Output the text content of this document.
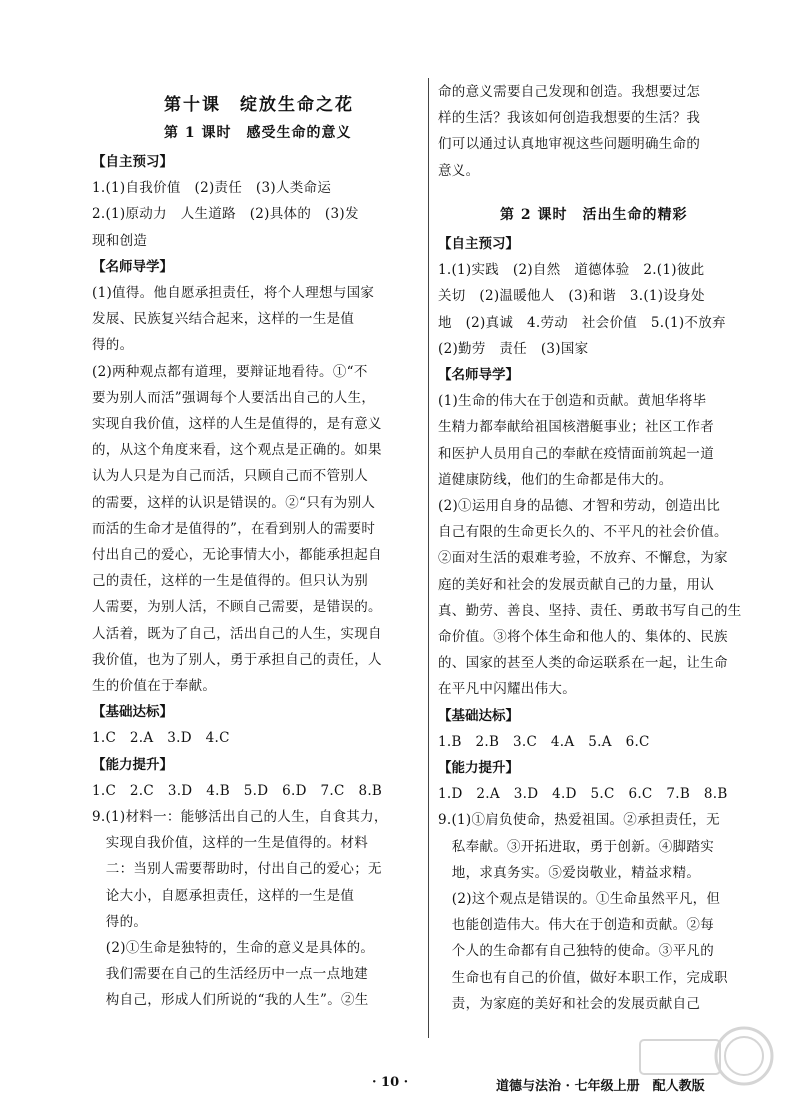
第十课　绽放生命之花
第 1 课时　感受生命的意义
【自主预习】
1.(1)自我价值　(2)责任　(3)人类命运
2.(1)原动力　人生道路　(2)具体的　(3)发
现和创造
【名师导学】
(1)值得。他自愿承担责任，将个人理想与国家
发展、民族复兴结合起来，这样的一生是值
得的。
(2)两种观点都有道理，要辩证地看待。①“不
要为别人而活”强调每个人要活出自己的人生，
实现自我价值，这样的人生是值得的，是有意义
的，从这个角度来看，这个观点是正确的。如果
认为人只是为自己而活，只顾自己而不管别人
的需要，这样的认识是错误的。②“只有为别人
而活的生命才是值得的”，在看到别人的需要时
付出自己的爱心，无论事情大小，都能承担起自
己的责任，这样的一生是值得的。但只认为别
人需要，为别人活，不顾自己需要，是错误的。
人活着，既为了自己，活出自己的人生，实现自
我价值，也为了别人，勇于承担自己的责任，人
生的价值在于奉献。
【基础达标】
1.C　2.A　3.D　4.C
【能力提升】
1.C　2.C　3.D　4.B　5.D　6.D　7.C　8.B
9.(1)材料一：能够活出自己的人生，自食其力，
　实现自我价值，这样的一生是值得的。材料
　二：当别人需要帮助时，付出自己的爱心；无
　论大小，自愿承担责任，这样的一生是值
　得的。
　(2)①生命是独特的，生命的意义是具体的。
　我们需要在自己的生活经历中一点一点地建
　构自己，形成人们所说的“我的人生”。②生
第 2 课时　活出生命的精彩
命的意义需要自己发现和创造。我想要过怎
样的生活？我该如何创造我想要的生活？我
们可以通过认真地审视这些问题明确生命的
意义。
【自主预习】
1.(1)实践　(2)自然　道德体验　2.(1)彼此
关切　(2)温暖他人　(3)和谐　3.(1)设身处
地　(2)真诚　4.劳动　社会价值　5.(1)不放弃
(2)勤劳　责任　(3)国家
【名师导学】
(1)生命的伟大在于创造和贡献。黄旭华将毕
生精力都奉献给祖国核潜艇事业；社区工作者
和医护人员用自己的奉献在疫情面前筑起一道
道健康防线，他们的生命都是伟大的。
(2)①运用自身的品德、才智和劳动，创造出比
自己有限的生命更长久的、不平凡的社会价值。
②面对生活的艰难考验，不放弃、不懈怠，为家
庭的美好和社会的发展贡献自己的力量，用认
真、勤劳、善良、坚持、责任、勇敢书写自己的生
命价值。③将个体生命和他人的、集体的、民族
的、国家的甚至人类的命运联系在一起，让生命
在平凡中闪耀出伟大。
【基础达标】
1.B　2.B　3.C　4.A　5.A　6.C
【能力提升】
1.D　2.A　3.D　4.D　5.C　6.C　7.B　8.B
9.(1)①肩负使命，热爱祖国。②承担责任，无
　私奉献。③开拓进取，勇于创新。④脚踏实
　地，求真务实。⑤爱岗敬业，精益求精。
　(2)这个观点是错误的。①生命虽然平凡，但
　也能创造伟大。伟大在于创造和贡献。②每
　个人的生命都有自己独特的使命。③平凡的
　生命也有自己的价值，做好本职工作，完成职
　责，为家庭的美好和社会的发展贡献自己
· 10 ·	道德与法治 · 七年级上册　配人教版
